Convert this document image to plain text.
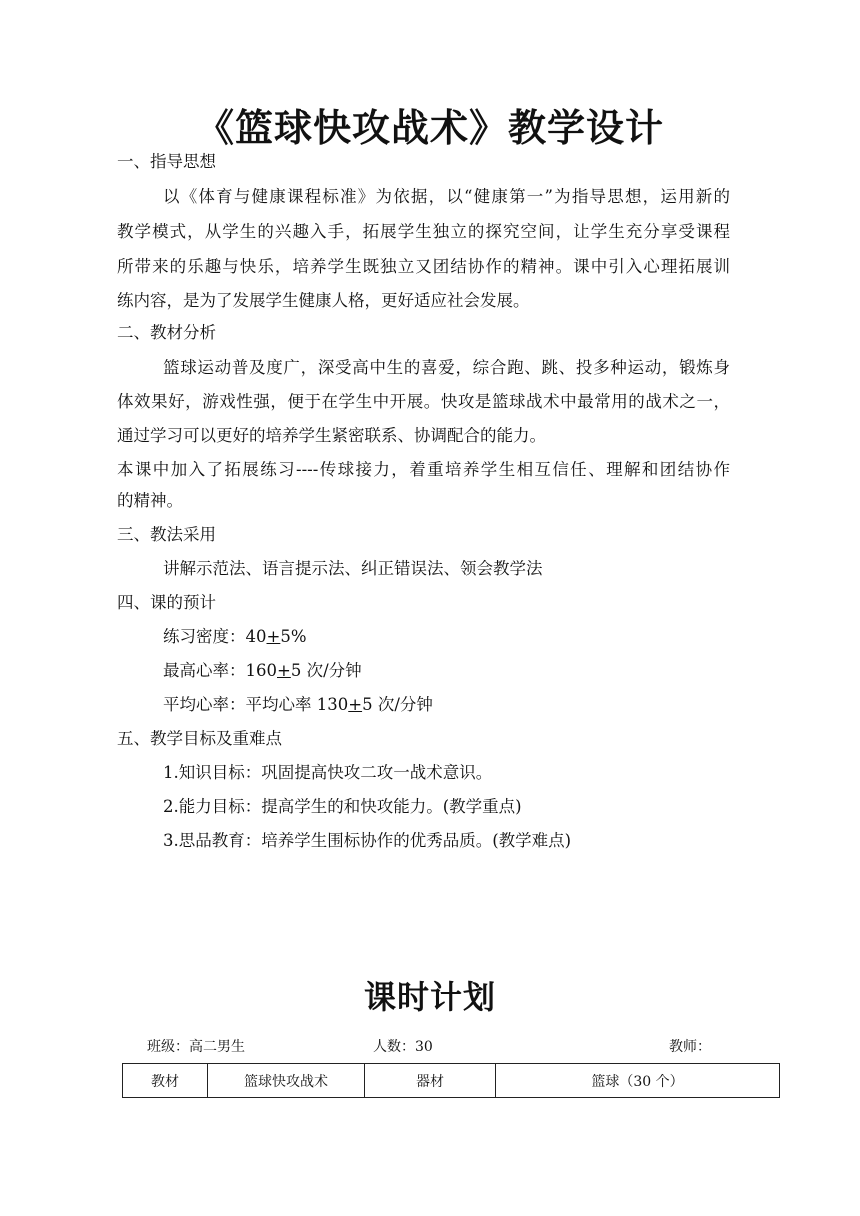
《篮球快攻战术》教学设计
一、指导思想
以《体育与健康课程标准》为依据，以“健康第一”为指导思想，运用新的
教学模式，从学生的兴趣入手，拓展学生独立的探究空间，让学生充分享受课程
所带来的乐趣与快乐，培养学生既独立又团结协作的精神。课中引入心理拓展训
练内容，是为了发展学生健康人格，更好适应社会发展。
二、教材分析
篮球运动普及度广，深受高中生的喜爱，综合跑、跳、投多种运动，锻炼身
体效果好，游戏性强，便于在学生中开展。快攻是篮球战术中最常用的战术之一，
通过学习可以更好的培养学生紧密联系、协调配合的能力。
本课中加入了拓展练习----传球接力，着重培养学生相互信任、理解和团结协作
的精神。
三、教法采用
讲解示范法、语言提示法、纠正错误法、领会教学法
四、课的预计
练习密度：40+5%
最高心率：160+5 次/分钟
平均心率：平均心率 130+5 次/分钟
五、教学目标及重难点
1.知识目标：巩固提高快攻二攻一战术意识。
2.能力目标：提高学生的和快攻能力。(教学重点)
3.思品教育：培养学生围标协作的优秀品质。(教学难点)
课时计划
班级：高二男生	人数：30	教师：
教材	篮球快攻战术	器材	篮球（30 个）
